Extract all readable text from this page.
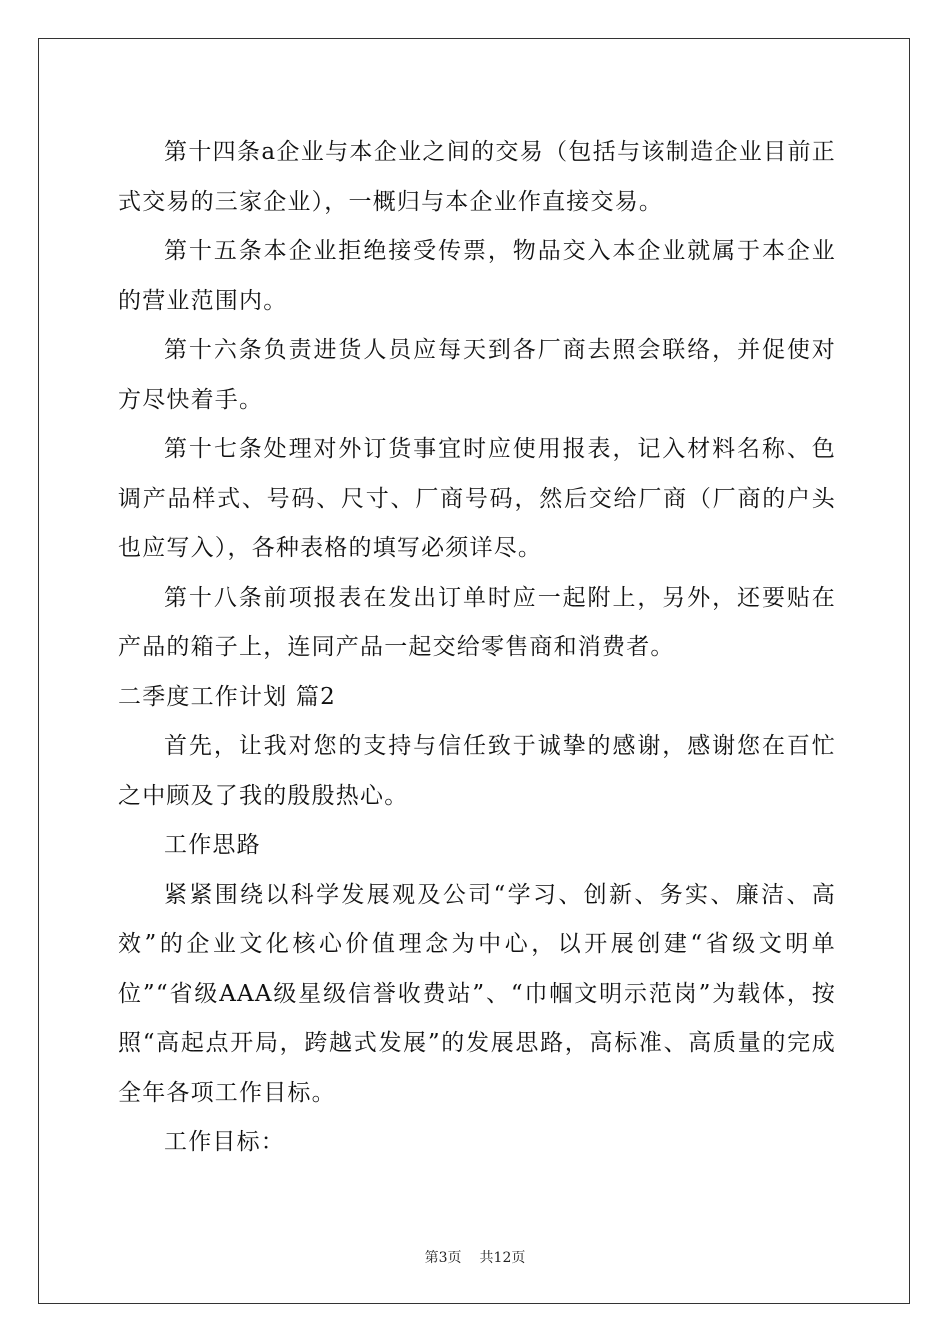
第十四条a企业与本企业之间的交易（包括与该制造企业目前正式交易的三家企业），一概归与本企业作直接交易。

第十五条本企业拒绝接受传票，物品交入本企业就属于本企业的营业范围内。

第十六条负责进货人员应每天到各厂商去照会联络，并促使对方尽快着手。

第十七条处理对外订货事宜时应使用报表，记入材料名称、色调产品样式、号码、尺寸、厂商号码，然后交给厂商（厂商的户头也应写入），各种表格的填写必须详尽。

第十八条前项报表在发出订单时应一起附上，另外，还要贴在产品的箱子上，连同产品一起交给零售商和消费者。

二季度工作计划 篇2

首先，让我对您的支持与信任致于诚挚的感谢，感谢您在百忙之中顾及了我的殷殷热心。

工作思路

紧紧围绕以科学发展观及公司“学习、创新、务实、廉洁、高效”的企业文化核心价值理念为中心，以开展创建“省级文明单位”“省级AAA级星级信誉收费站”、“巾帼文明示范岗”为载体，按照“高起点开局，跨越式发展”的发展思路，高标准、高质量的完成全年各项工作目标。

工作目标：

第3页 共12页
